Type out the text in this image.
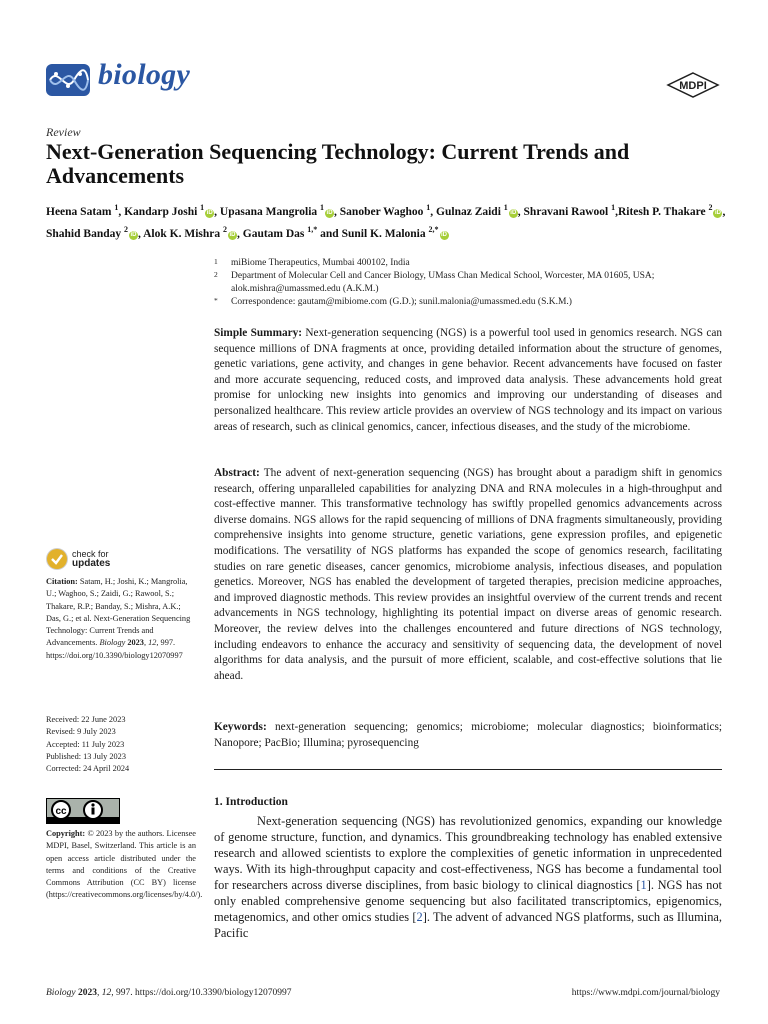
biology	MDPI
Review
Next-Generation Sequencing Technology: Current Trends and Advancements
Heena Satam $^1$, Kandarp Joshi $^1$iD , Upasana Mangrolia $^1$iD , Sanober Waghoo $^1$, Gulnaz Zaidi $^1$iD , Shravani Rawool $^1$,Ritesh P. Thakare $^2$iD , Shahid Banday $^2$iD , Alok K. Mishra $^2$iD , Gautam Das $^{1,*}$ and Sunil K. Malonia $^{2,*}$iD
1 miBiome Therapeutics, Mumbai 400102, India
2 Department of Molecular Cell and Cancer Biology, UMass Chan Medical School, Worcester, MA 01605, USA; alok.mishra@umassmed.edu (A.K.M.)
* Correspondence: gautam@mibiome.com (G.D.); sunil.malonia@umassmed.edu (S.K.M.)
Simple Summary: Next-generation sequencing (NGS) is a powerful tool used in genomics research. NGS can sequence millions of DNA fragments at once, providing detailed information about the structure of genomes, genetic variations, gene activity, and changes in gene behavior. Recent advancements have focused on faster and more accurate sequencing, reduced costs, and improved data analysis. These advancements hold great promise for unlocking new insights into genomics and improving our understanding of diseases and personalized healthcare. This review article provides an overview of NGS technology and its impact on various areas of research, such as clinical genomics, cancer, infectious diseases, and the study of the microbiome.
Abstract: The advent of next-generation sequencing (NGS) has brought about a paradigm shift in genomics research, offering unparalleled capabilities for analyzing DNA and RNA molecules in a high-throughput and cost-effective manner. This transformative technology has swiftly propelled genomics advancements across diverse domains. NGS allows for the rapid sequencing of millions of DNA fragments simultaneously, providing comprehensive insights into genome structure, genetic variations, gene expression profiles, and epigenetic modifications. The versatility of NGS platforms has expanded the scope of genomics research, facilitating studies on rare genetic diseases, cancer genomics, microbiome analysis, infectious diseases, and population genetics. Moreover, NGS has enabled the development of targeted therapies, precision medicine approaches, and improved diagnostic methods. This review provides an insightful overview of the current trends and recent advancements in NGS technology, highlighting its potential impact on diverse areas of genomic research. Moreover, the review delves into the challenges encountered and future directions of NGS technology, including endeavors to enhance the accuracy and sensitivity of sequencing data, the development of novel algorithms for data analysis, and the pursuit of more efficient, scalable, and cost-effective solutions that lie ahead.
Keywords: next-generation sequencing; genomics; microbiome; molecular diagnostics; bioinformatics; Nanopore; PacBio; Illumina; pyrosequencing
1. Introduction
Next-generation sequencing (NGS) has revolutionized genomics, expanding our knowledge of genome structure, function, and dynamics. This groundbreaking technology has enabled extensive research and allowed scientists to explore the complexities of genetic information in unprecedented ways. With its high-throughput capacity and cost-effectiveness, NGS has become a fundamental tool for researchers across diverse disciplines, from basic biology to clinical diagnostics [1]. NGS has not only enabled comprehensive genome sequencing but also facilitated transcriptomics, epigenomics, metagenomics, and other omics studies [2]. The advent of advanced NGS platforms, such as Illumina, Pacific
check for
updates
Citation: Satam, H.; Joshi, K.; Mangrolia, U.; Waghoo, S.; Zaidi, G.; Rawool, S.; Thakare, R.P.; Banday, S.; Mishra, A.K.; Das, G.; et al. Next-Generation Sequencing Technology: Current Trends and Advancements. Biology 2023, 12, 997. https://doi.org/10.3390/biology12070997
Received: 22 June 2023
Revised: 9 July 2023
Accepted: 11 July 2023
Published: 13 July 2023
Corrected: 24 April 2024
cc
Copyright: © 2023 by the authors. Licensee MDPI, Basel, Switzerland. This article is an open access article distributed under the terms and conditions of the Creative Commons Attribution (CC BY) license (https://creativecommons.org/licenses/by/4.0/).
Biology 2023, 12, 997. https://doi.org/10.3390/biology12070997	https://www.mdpi.com/journal/biology
